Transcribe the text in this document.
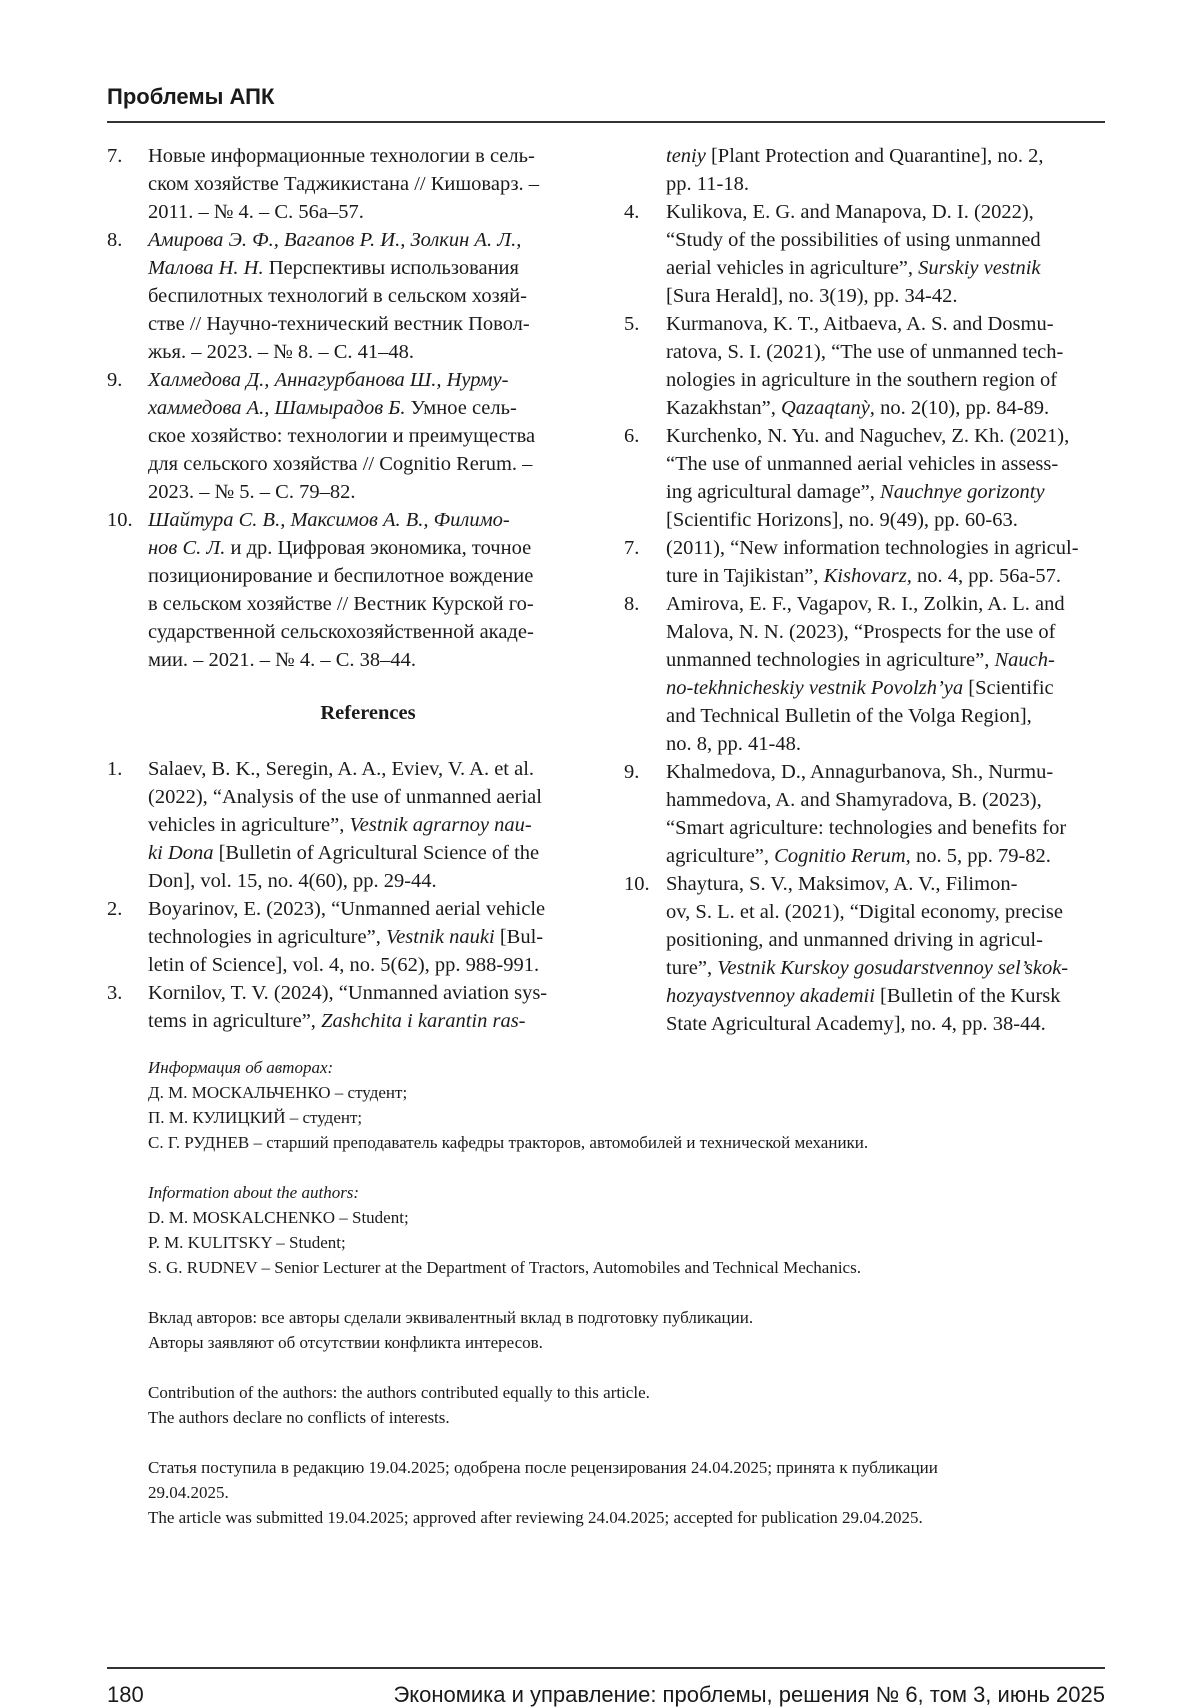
Проблемы АПК
7. Новые информационные технологии в сель-
ском хозяйстве Таджикистана // Кишоварз. –
2011. – № 4. – С. 56а–57.
8. Амирова Э. Ф., Вагапов Р. И., Золкин А. Л.,
Малова Н. Н. Перспективы использования
беспилотных технологий в сельском хозяй-
стве // Научно-технический вестник Повол-
жья. – 2023. – № 8. – С. 41–48.
9. Халмедова Д., Аннагурбанова Ш., Нурму-
хаммедова А., Шамырадов Б. Умное сель-
ское хозяйство: технологии и преимущества
для сельского хозяйства // Cognitio Rerum. –
2023. – № 5. – С. 79–82.
10. Шайтура С. В., Максимов А. В., Филимо-
нов С. Л. и др. Цифровая экономика, точное
позиционирование и беспилотное вождение
в сельском хозяйстве // Вестник Курской го-
сударственной сельскохозяйственной акаде-
мии. – 2021. – № 4. – С. 38–44.
References
1. Salaev, B. K., Seregin, A. A., Eviev, V. A. et al.
(2022), “Analysis of the use of unmanned aerial
vehicles in agriculture”, Vestnik agrarnoy nau-
ki Dona [Bulletin of Agricultural Science of the
Don], vol. 15, no. 4(60), pp. 29-44.
2. Boyarinov, E. (2023), “Unmanned aerial vehicle
technologies in agriculture”, Vestnik nauki [Bul-
letin of Science], vol. 4, no. 5(62), pp. 988-991.
3. Kornilov, T. V. (2024), “Unmanned aviation sys-
tems in agriculture”, Zashchita i karantin ras-
teniy [Plant Protection and Quarantine], no. 2,
pp. 11-18.
4. Kulikova, E. G. and Manapova, D. I. (2022),
“Study of the possibilities of using unmanned
aerial vehicles in agriculture”, Surskiy vestnik
[Sura Herald], no. 3(19), pp. 34-42.
5. Kurmanova, K. T., Aitbaeva, A. S. and Dosmu-
ratova, S. I. (2021), “The use of unmanned tech-
nologies in agriculture in the southern region of
Kazakhstan”, Qazaqtanỳ, no. 2(10), pp. 84-89.
6. Kurchenko, N. Yu. and Naguchev, Z. Kh. (2021),
“The use of unmanned aerial vehicles in assess-
ing agricultural damage”, Nauchnye gorizonty
[Scientific Horizons], no. 9(49), pp. 60-63.
7. (2011), “New information technologies in agricul-
ture in Tajikistan”, Kishovarz, no. 4, pp. 56a-57.
8. Amirova, E. F., Vagapov, R. I., Zolkin, A. L. and
Malova, N. N. (2023), “Prospects for the use of
unmanned technologies in agriculture”, Nauch-
no-tekhnicheskiy vestnik Povolzh’ya [Scientific
and Technical Bulletin of the Volga Region],
no. 8, pp. 41-48.
9. Khalmedova, D., Annagurbanova, Sh., Nurmu-
hammedova, A. and Shamyradova, B. (2023),
“Smart agriculture: technologies and benefits for
agriculture”, Cognitio Rerum, no. 5, pp. 79-82.
10. Shaytura, S. V., Maksimov, A. V., Filimon-
ov, S. L. et al. (2021), “Digital economy, precise
positioning, and unmanned driving in agricul-
ture”, Vestnik Kurskoy gosudarstvennoy sel’skok-
hozyaystvennoy akademii [Bulletin of the Kursk
State Agricultural Academy], no. 4, pp. 38-44.
Информация об авторах:
Д. М. МОСКАЛЬЧЕНКО – студент;
П. М. КУЛИЦКИЙ – студент;
С. Г. РУДНЕВ – старший преподаватель кафедры тракторов, автомобилей и технической механики.
Information about the authors:
D. M. MOSKALCHENKO – Student;
P. M. KULITSKY – Student;
S. G. RUDNEV – Senior Lecturer at the Department of Tractors, Automobiles and Technical Mechanics.
Вклад авторов: все авторы сделали эквивалентный вклад в подготовку публикации.
Авторы заявляют об отсутствии конфликта интересов.
Contribution of the authors: the authors contributed equally to this article.
The authors declare no conflicts of interests.
Статья поступила в редакцию 19.04.2025; одобрена после рецензирования 24.04.2025; принята к публикации
29.04.2025.
The article was submitted 19.04.2025; approved after reviewing 24.04.2025; accepted for publication 29.04.2025.
180	Экономика и управление: проблемы, решения № 6, том 3, июнь 2025
